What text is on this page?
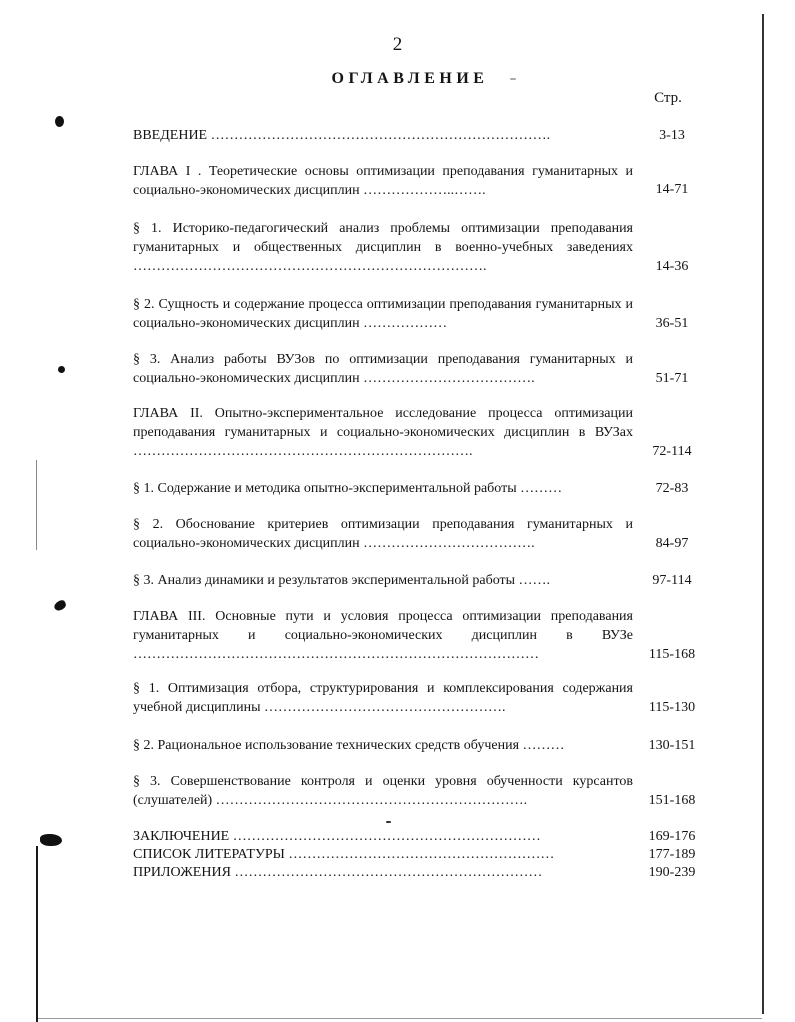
2
ОГЛАВЛЕНИЕ
Стр.
ВВЕДЕНИЕ ……………………………………………………………….	3-13
ГЛАВА I . Теоретические основы оптимизации преподавания гуманитарных и социально-экономических дисциплин ………………..…….	14-71
§ 1. Историко-педагогический анализ проблемы оптимизации преподавания гуманитарных и общественных дисциплин в военно-учебных заведениях ………………………………………………………………….	14-36
§ 2. Сущность и содержание процесса оптимизации преподавания гуманитарных и социально-экономических дисциплин ………………	36-51
§ 3. Анализ работы ВУЗов по оптимизации преподавания гуманитарных и социально-экономических дисциплин ……………………………….	51-71
ГЛАВА II. Опытно-экспериментальное исследование процесса оптимизации преподавания гуманитарных и социально-экономических дисциплин в ВУЗах ……………………………………………………………….	72-114
§ 1. Содержание и методика опытно-экспериментальной работы ………	72-83
§ 2. Обоснование критериев оптимизации преподавания гуманитарных и социально-экономических дисциплин ……………………………….	84-97
§ 3. Анализ динамики и результатов экспериментальной работы …….	97-114
ГЛАВА III. Основные пути и условия процесса оптимизации преподавания гуманитарных и социально-экономических дисциплин в ВУЗе ……………………………………………………………………………	115-168
§ 1. Оптимизация отбора, структурирования и комплексирования содержания учебной дисциплины …………………………………………….	115-130
§ 2. Рациональное использование технических средств обучения ………	130-151
§ 3. Совершенствование контроля и оценки уровня обученности курсантов (слушателей) ………………………………………………………….	151-168
ЗАКЛЮЧЕНИЕ …………………………………………………………	169-176
СПИСОК ЛИТЕРАТУРЫ …………………………………………………	177-189
ПРИЛОЖЕНИЯ …………………………………………………………	190-239
